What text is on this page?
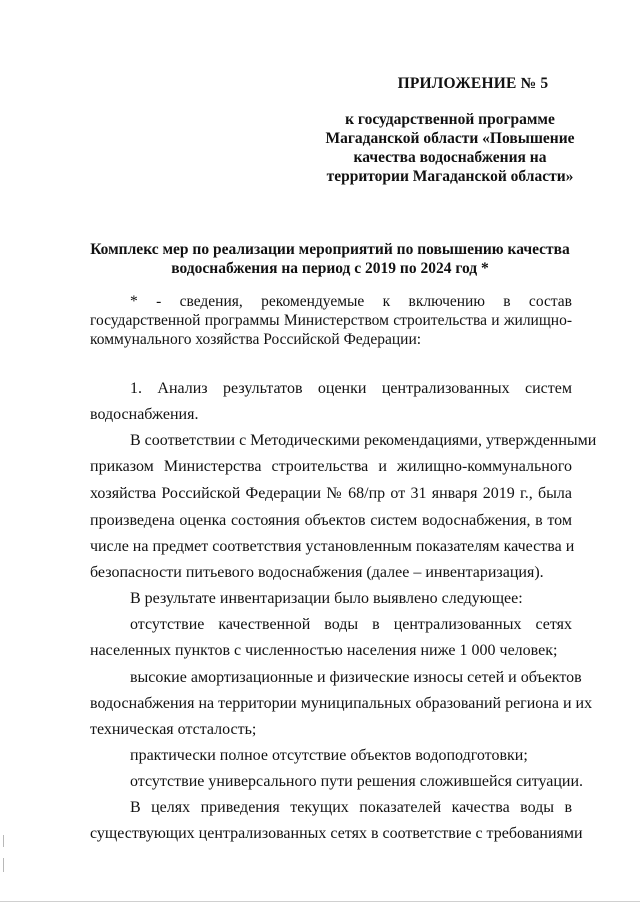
ПРИЛОЖЕНИЕ № 5
к государственной программе
Магаданской области «Повышение
качества водоснабжения на
территории Магаданской области»
Комплекс мер по реализации мероприятий по повышению качества
водоснабжения на период с 2019 по 2024 год *
* - сведения, рекомендуемые к включению в состав
государственной программы Министерством строительства и жилищно-
коммунального хозяйства Российской Федерации:
1. Анализ результатов оценки централизованных систем
водоснабжения.
В соответствии с Методическими рекомендациями, утвержденными
приказом Министерства строительства и жилищно-коммунального
хозяйства Российской Федерации № 68/пр от 31 января 2019 г., была
произведена оценка состояния объектов систем водоснабжения, в том
числе на предмет соответствия установленным показателям качества и
безопасности питьевого водоснабжения (далее – инвентаризация).
В результате инвентаризации было выявлено следующее:
отсутствие качественной воды в централизованных сетях
населенных пунктов с численностью населения ниже 1 000 человек;
высокие амортизационные и физические износы сетей и объектов
водоснабжения на территории муниципальных образований региона и их
техническая отсталость;
практически полное отсутствие объектов водоподготовки;
отсутствие универсального пути решения сложившейся ситуации.
В целях приведения текущих показателей качества воды в
существующих централизованных сетях в соответствие с требованиями
